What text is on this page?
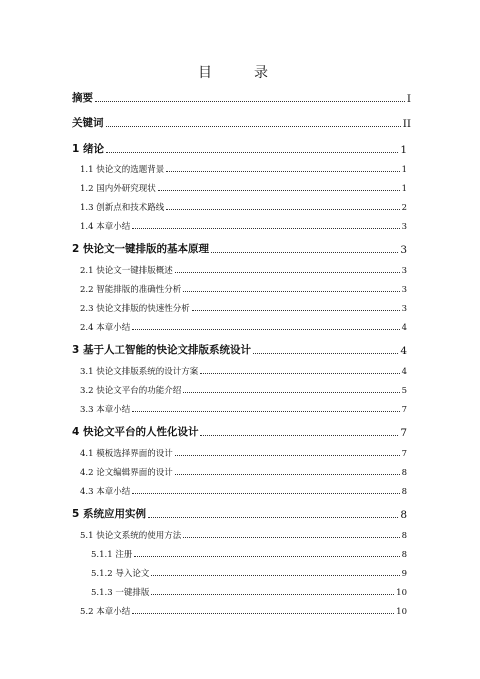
目　录
摘要	I
关键词	II
1 绪论	1
1.1 快论文的选题背景	1
1.2 国内外研究现状	1
1.3 创新点和技术路线	2
1.4 本章小结	3
2 快论文一键排版的基本原理	3
2.1 快论文一键排版概述	3
2.2 智能排版的准确性分析	3
2.3 快论文排版的快速性分析	3
2.4 本章小结	4
3 基于人工智能的快论文排版系统设计	4
3.1 快论文排版系统的设计方案	4
3.2 快论文平台的功能介绍	5
3.3 本章小结	7
4 快论文平台的人性化设计	7
4.1 模板选择界面的设计	7
4.2 论文编辑界面的设计	8
4.3 本章小结	8
5 系统应用实例	8
5.1 快论文系统的使用方法	8
5.1.1 注册	8
5.1.2 导入论文	9
5.1.3 一键排版	10
5.2 本章小结	10
